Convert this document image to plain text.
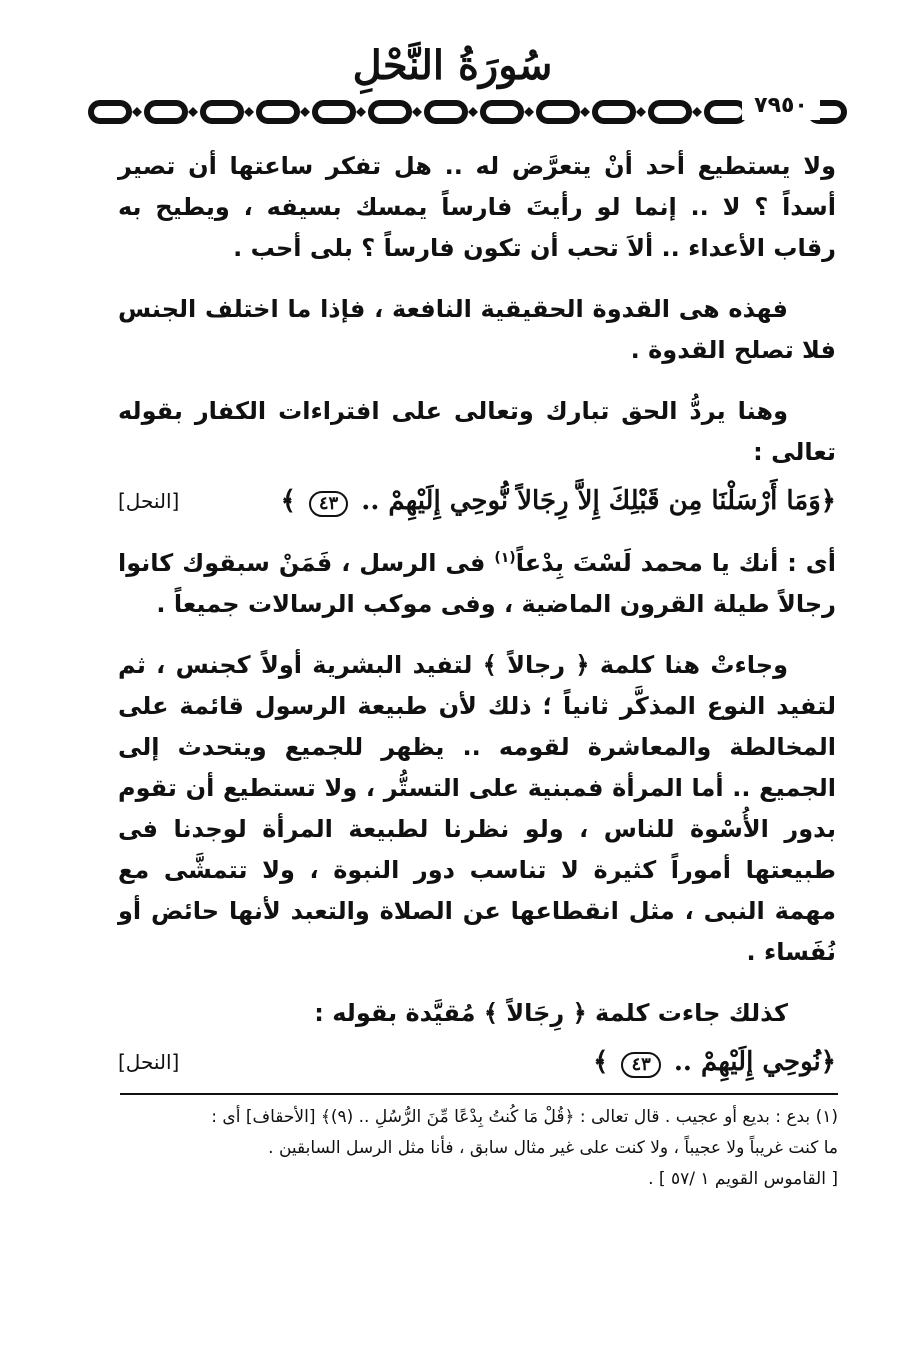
سُورَةُ النَّحْلِ
٧٩٥٠

ولا يستطيع أحد أنْ يتعرَّض له .. هل تفكر ساعتها أن تصير أسداً ؟ لا .. إنما لو رأيتَ فارساً يمسك بسيفه ، ويطيح به رقاب الأعداء .. ألاَ تحب أن تكون فارساً ؟ بلى أحب .

فهذه هى القدوة الحقيقية النافعة ، فإذا ما اختلف الجنس فلا تصلح القدوة .

وهنا يردُّ الحق تبارك وتعالى على افتراءات الكفار بقوله تعالى :

﴿وَمَا أَرْسَلْنَا مِن قَبْلِكَ إِلاَّ رِجَالاً نُّوحِي إِلَيْهِمْ .. ٤٣ ﴾
[النحل]

أى : أنك يا محمد لَسْتَ بِدْعاً$^{(١)}$ فى الرسل ، فَمَنْ سبقوك كانوا رجالاً طيلة القرون الماضية ، وفى موكب الرسالات جميعاً .

وجاءتْ هنا كلمة ﴿ رجالاً ﴾ لتفيد البشرية أولاً كجنس ، ثم لتفيد النوع المذكَّر ثانياً ؛ ذلك لأن طبيعة الرسول قائمة على المخالطة والمعاشرة لقومه .. يظهر للجميع ويتحدث إلى الجميع .. أما المرأة فمبنية على التستُّر ، ولا تستطيع أن تقوم بدور الأُسْوة للناس ، ولو نظرنا لطبيعة المرأة لوجدنا فى طبيعتها أموراً كثيرة لا تناسب دور النبوة ، ولا تتمشَّى مع مهمة النبى ، مثل انقطاعها عن الصلاة والتعبد لأنها حائض أو نُفَساء .

كذلك جاءت كلمة ﴿ رِجَالاً ﴾ مُقيَّدة بقوله :

﴿نُوحِي إِلَيْهِمْ .. ٤٣ ﴾
[النحل]

(١) بدع : بديع أو عجيب . قال تعالى : ﴿قُلْ مَا كُنتُ بِدْعًا مِّنَ الرُّسُلِ .. (٩)﴾ [الأحقاف] أى :

ما كنت غريباً ولا عجيباً ، ولا كنت على غير مثال سابق ، فأنا مثل الرسل السابقين .

[ القاموس القويم ١ /٥٧ ] .
